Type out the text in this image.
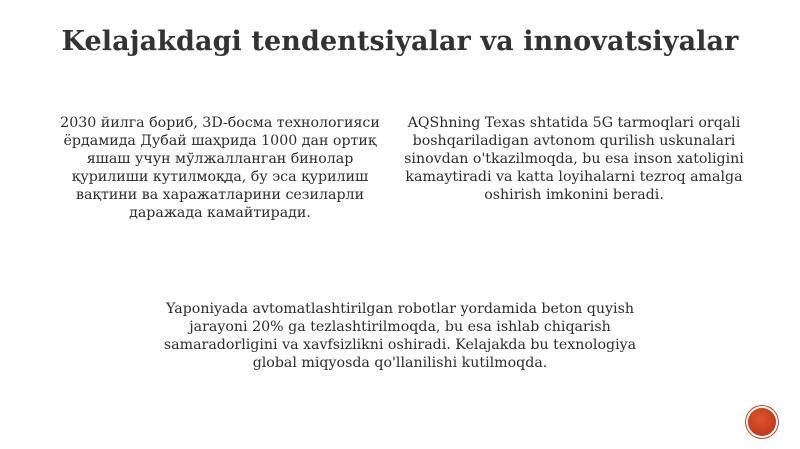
Kelajakdagi tendentsiyalar va innovatsiyalar
2030 йилга бориб, 3D-босма технологияси ёрдамида Дубай шаҳрида 1000 дан ортиқ яшаш учун мўлжалланган бинолар қурилиши кутилмоқда, бу эса қурилиш вақтини ва харажатларини сезиларли даражада камайтиради.
AQShning Texas shtatida 5G tarmoqlari orqali boshqariladigan avtonom qurilish uskunalari sinovdan o'tkazilmoqda, bu esa inson xatoligini kamaytiradi va katta loyihalarni tezroq amalga oshirish imkonini beradi.
Yaponiyada avtomatlashtirilgan robotlar yordamida beton quyish jarayoni 20% ga tezlashtirilmoqda, bu esa ishlab chiqarish samaradorligini va xavfsizlikni oshiradi. Kelajakda bu texnologiya global miqyosda qo'llanilishi kutilmoqda.
